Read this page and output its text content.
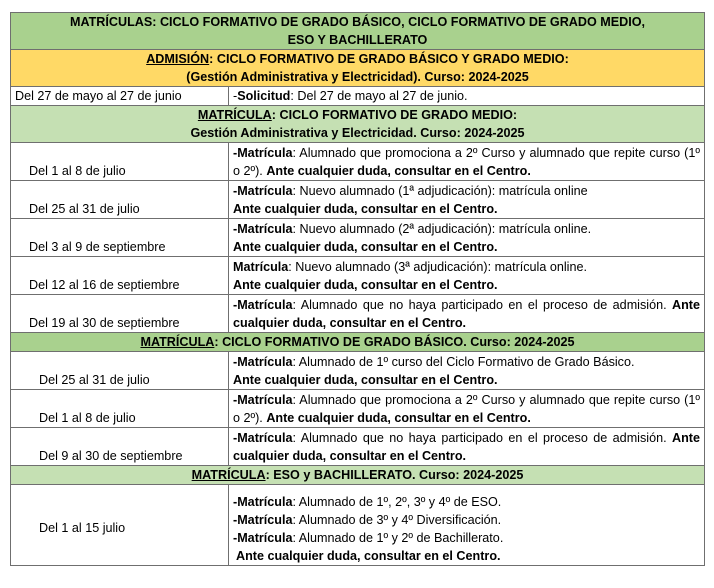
MATRÍCULAS: CICLO FORMATIVO DE GRADO BÁSICO, CICLO FORMATIVO DE GRADO MEDIO,
ESO Y BACHILLERATO	

ADMISIÓN: CICLO FORMATIVO DE GRADO BÁSICO Y GRADO MEDIO:
(Gestión Administrativa y Electricidad). Curso: 2024-2025	

Del 27 de mayo al 27 de junio	-Solicitud: Del 27 de mayo al 27 de junio.

MATRÍCULA: CICLO FORMATIVO DE GRADO MEDIO:
Gestión Administrativa y Electricidad. Curso: 2024-2025	

Del 1 al 8 de julio	-Matrícula: Alumnado que promociona a 2º Curso y alumnado que repite curso (1º o 2º). Ante cualquier duda, consultar en el Centro.
Del 25 al 31 de julio	-Matrícula: Nuevo alumnado (1ª adjudicación): matrícula online
Ante cualquier duda, consultar en el Centro.

Del 3 al 9 de septiembre	-Matrícula: Nuevo alumnado (2ª adjudicación): matrícula online.
Ante cualquier duda, consultar en el Centro.

Del 12 al 16 de septiembre	Matrícula: Nuevo alumnado (3ª adjudicación): matrícula online.
Ante cualquier duda, consultar en el Centro.

Del 19 al 30 de septiembre	-Matrícula: Alumnado que no haya participado en el proceso de admisión. Ante cualquier duda, consultar en el Centro.
MATRÍCULA: CICLO FORMATIVO DE GRADO BÁSICO. Curso: 2024-2025	
Del 25 al 31 de julio	-Matrícula: Alumnado de 1º curso del Ciclo Formativo de Grado Básico.
Ante cualquier duda, consultar en el Centro.

Del 1 al 8 de julio	-Matrícula: Alumnado que promociona a 2º Curso y alumnado que repite curso (1º o 2º). Ante cualquier duda, consultar en el Centro.
Del 9 al 30 de septiembre	-Matrícula: Alumnado que no haya participado en el proceso de admisión. Ante cualquier duda, consultar en el Centro.
MATRÍCULA: ESO y BACHILLERATO. Curso: 2024-2025	
Del 1 al 15 julio	-Matrícula: Alumnado de 1º, 2º, 3º y 4º de ESO.
-Matrícula: Alumnado de 3º y 4º Diversificación.
-Matrícula: Alumnado de 1º y 2º de Bachillerato.
Ante cualquier duda, consultar en el Centro.
